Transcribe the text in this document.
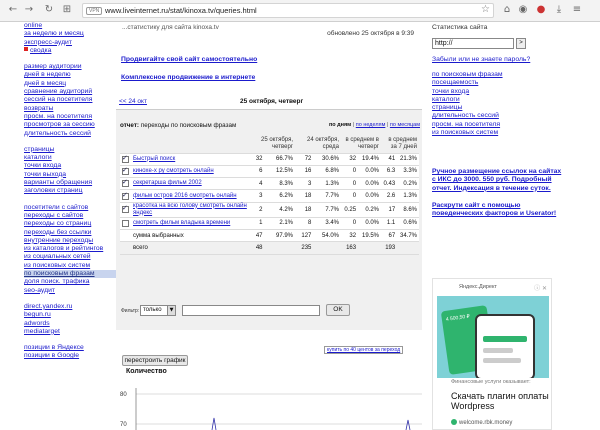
← → ↻ ⊞	VPN www.liveinternet.ru/stat/kinoxa.tv/queries.html	☆	⌂ ◉ ●	⤓	≡
online
за неделю и месяц
экспресс-аудит
сводка
размер аудитории
дней в неделю
дней в месяц
сравнение аудиторий
сессий на посетителя
возвраты
просм. на посетителя
просмотров за сессию
длительность сессий
страницы
каталоги
точки входа
точки выхода
варианты обращения
заголовки страниц
посетители с сайтов
переходы с сайтов
переходы со страниц
переходы без ссылки
внутренние переходы
из каталогов и рейтингов
из социальных сетей
из поисковых систем
по поисковым фразам
доля поиск. трафика
seo-аудит
direct.yandex.ru
begun.ru
adwords
mediatarget
позиции в Яндексе
позиции в Google
...статистику для сайта kinoxa.tv
обновлено 25 октября в 9:39
Продвигайте свой сайт самостоятельно
Комплексное продвижение в интернете
<< 24 окт	25 октября, четверг
отчет: переходы по поисковым фразам	по дням | по неделям | по месяцам
		25 октября, четверг		24 октября, среда		в среднем в четверг		в среднем за 7 дней	
✓	Быстрый поиск	32	66.7%	72	30.6%	32	19.4%	41	21.3%
✓	кинохе-х ру смотреть онлайн	6	12.5%	16	6.8%	0	0.0%	6.3	3.3%
✓	секретарша фильм 2002	4	8.3%	3	1.3%	0	0.0%	0.43	0.2%
✓	фильм остров 2016 смотреть онлайн	3	6.2%	18	7.7%	0	0.0%	2.6	1.3%
✓	красотка на всю голову смотреть онлайн яндекс	2	4.2%	18	7.7%	0.25	0.2%	17	8.6%
	смотреть фильм владыка времени	1	2.1%	8	3.4%	0	0.0%	1.1	0.6%
	сумма выбранных	47	97.9%	127	54.0%	32	19.5%	67	34.7%
	всего	48		235		163		193	
перестроить график
Фильтр: только	▼	OK
купить по 40 центов за переход
Количество
80
70
Статистика сайта
http://	>
Забыли или не знаете пароль?
по поисковым фразам
посещаемость
точки входа
каталоги
страницы
длительность сессий
просм. на посетителя
из поисковых систем
Ручное размещение ссылок на сайтах с ИКС до 3000. 550 руб. Подробный отчет. Индексация в течение суток.
Раскрути сайт с помощью поведенческих факторов и Userator!
Яндекс.Директ	ⓘ ✕
4 500,50 ₽
Финансовые услуги оказывает:
Скачать плагин оплаты Wordpress
welcome.rbk.money
